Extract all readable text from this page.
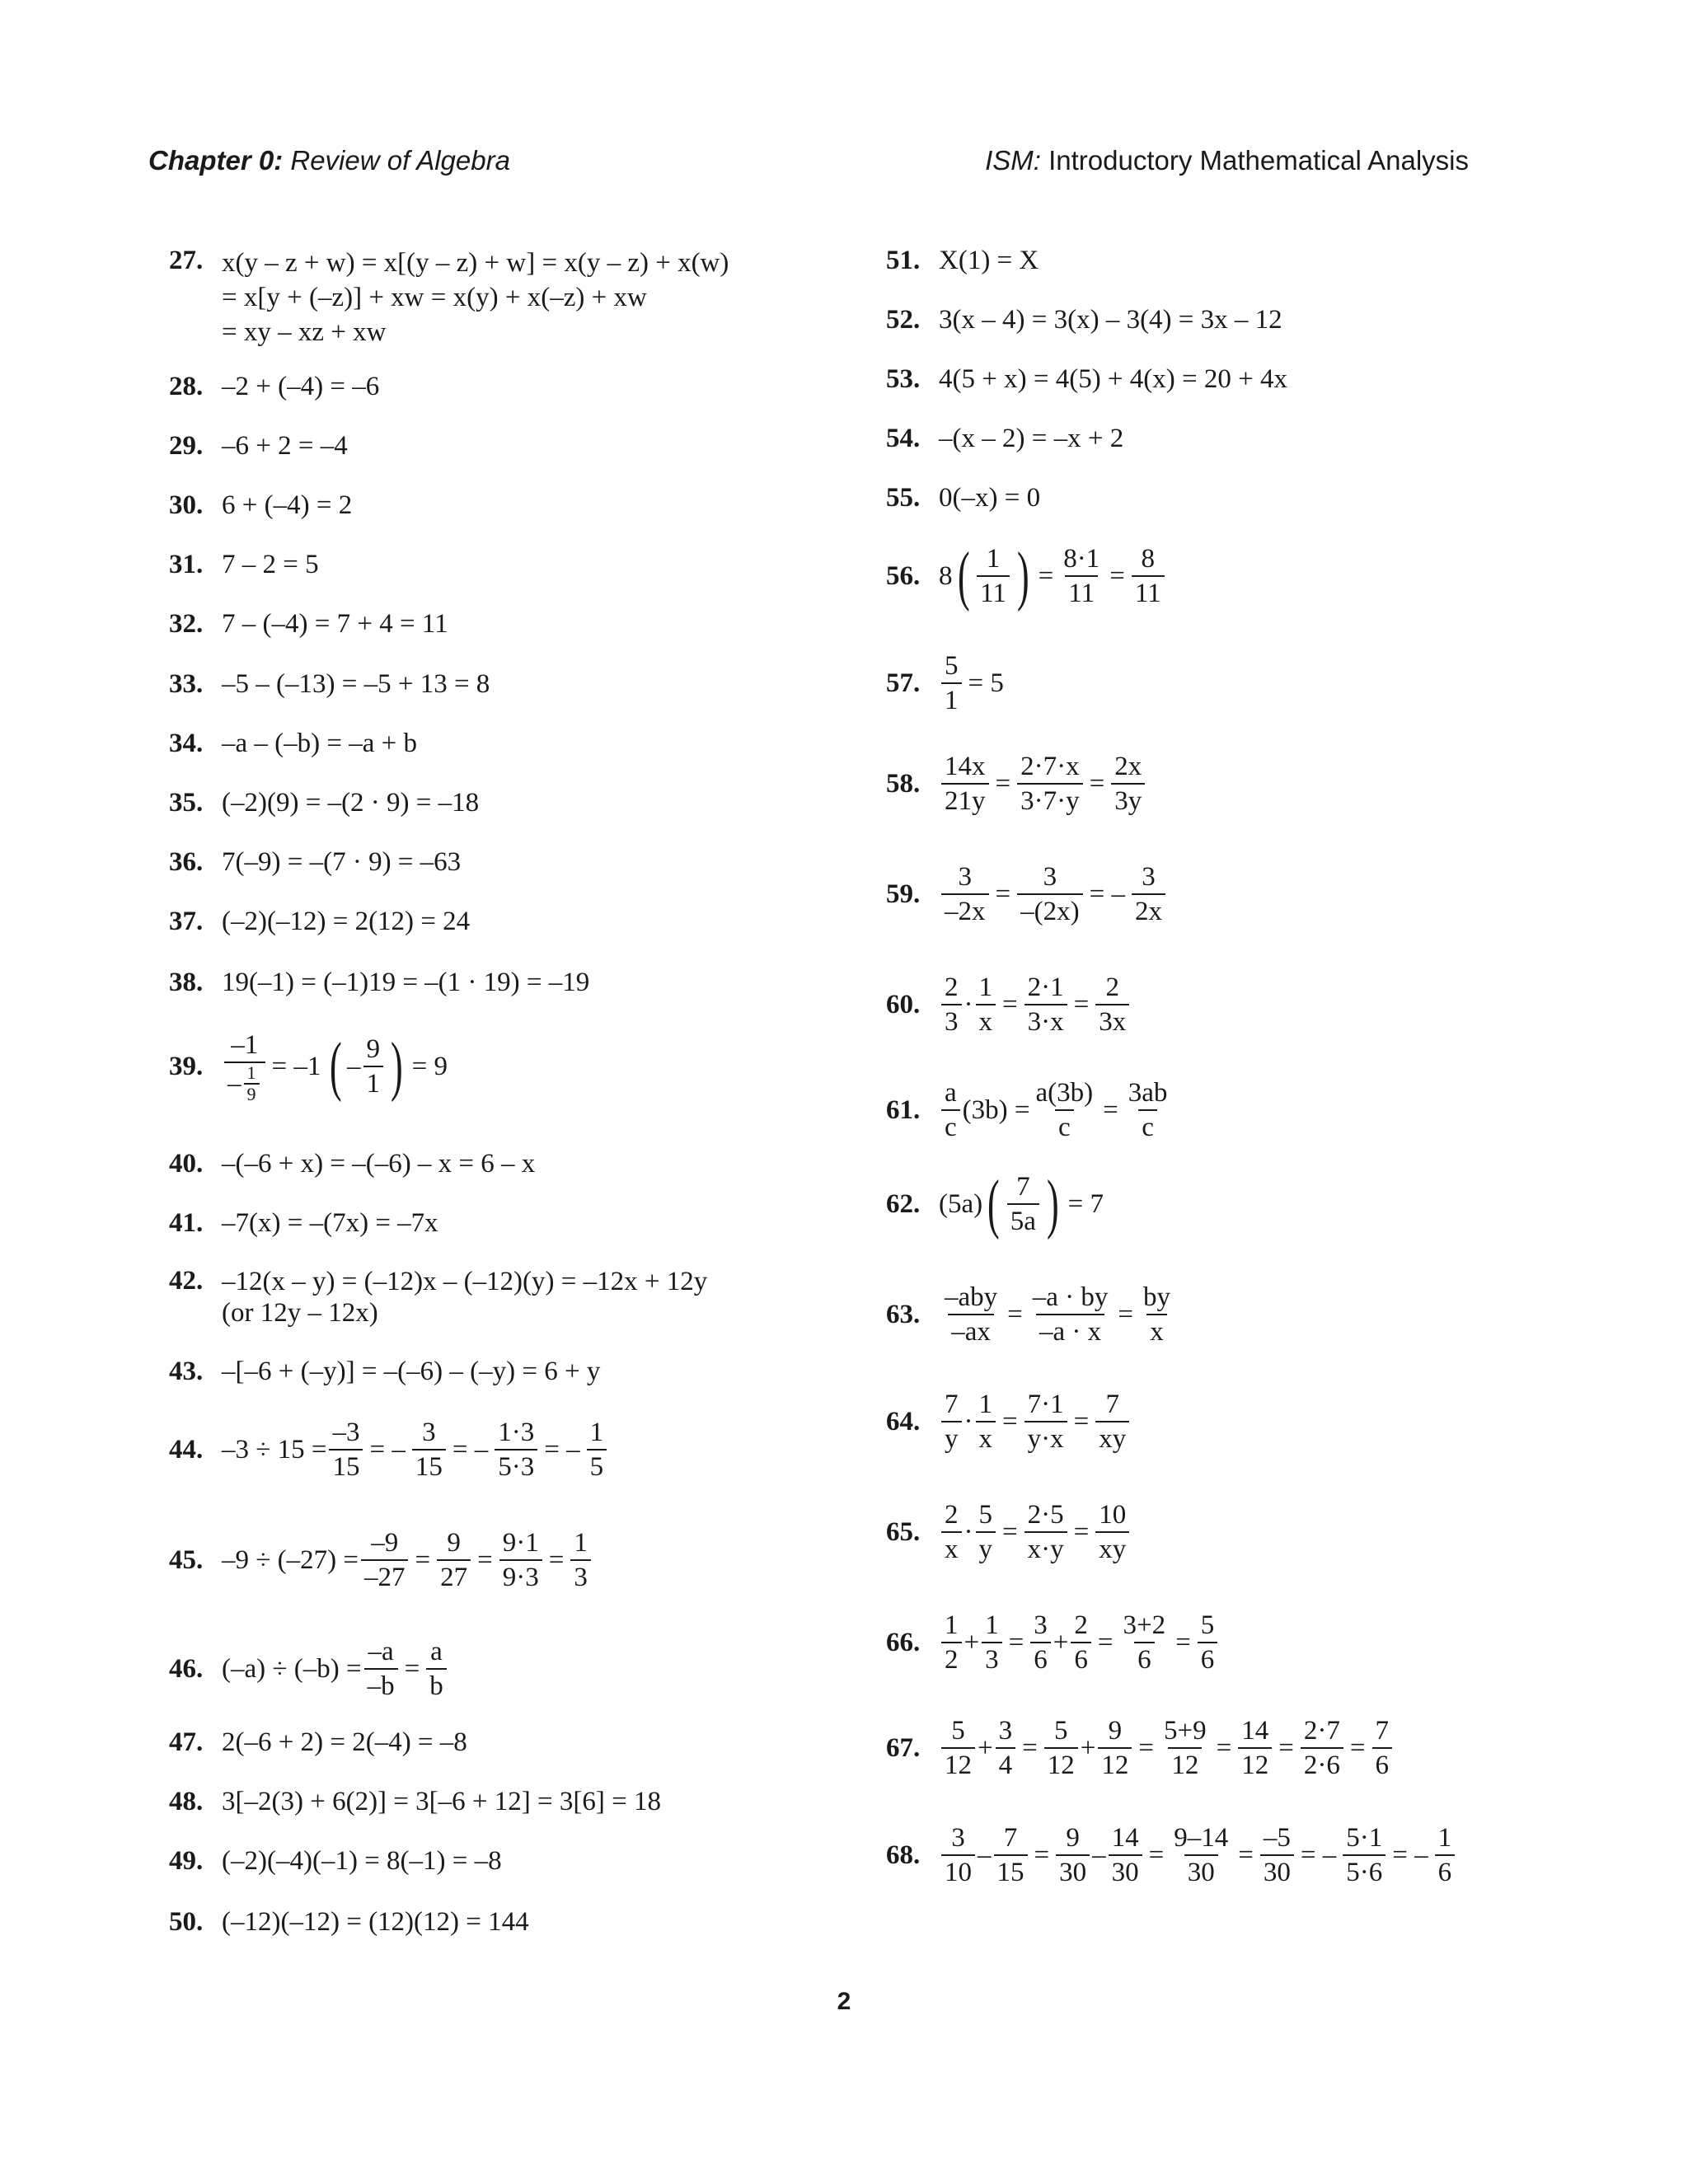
Chapter 0: Review of Algebra	ISM: Introductory Mathematical Analysis
27. x(y – z + w) = x[(y – z) + w] = x(y – z) + x(w)
= x[y + (–z)] + xw = x(y) + x(–z) + xw
= xy – xz + xw
28. –2 + (–4) = –6
29. –6 + 2 = –4
30. 6 + (–4) = 2
31. 7 – 2 = 5
32. 7 – (–4) = 7 + 4 = 11
33. –5 – (–13) = –5 + 13 = 8
34. –a – (–b) = –a + b
35. (–2)(9) = –(2 · 9) = –18
36. 7(–9) = –(7 · 9) = –63
37. (–2)(–12) = 2(12) = 24
38. 19(–1) = (–1)19 = –(1 · 19) = –19
39. $\frac{-1}{- \frac{1}{9}} = -1$ ( – $\frac{9}{1}$ ) = 9
40. –(–6 + x) = –(–6) – x = 6 – x
41. –7(x) = –(7x) = –7x
42. –12(x – y) = (–12)x – (–12)(y) = –12x + 12y
(or 12y – 12x)
43. –[–6 + (–y)] = –(–6) – (–y) = 6 + y
44. $-3 \div 15 = \frac{-3}{15}$ = – $\frac{3}{15}$ = – $\frac{1\cdot 3}{5\cdot 3}$ = – $\frac{1}{5}$
45. $-9 \div (-27) = \frac{-9}{-27} = \frac{9}{27} = \frac{9\cdot 1}{9\cdot 3} = \frac{1}{3}$
46. $(-a) \div (-b) = \frac{-a}{-b} = \frac{a}{b}$
47. 2(–6 + 2) = 2(–4) = –8
48. 3[–2(3) + 6(2)] = 3[–6 + 12] = 3[6] = 18
49. (–2)(–4)(–1) = 8(–1) = –8
50. (–12)(–12) = (12)(12) = 144
51. X(1) = X
52. 3(x – 4) = 3(x) – 3(4) = 3x – 12
53. 4(5 + x) = 4(5) + 4(x) = 20 + 4x
54. –(x – 2) = –x + 2
55. 0(–x) = 0
56. 8 ( $\frac{1}{11}$ ) = $\frac{8\cdot 1}{11} = \frac{8}{11}$
57. $\frac{5}{1} = 5$
58. $\frac{14x}{21y} = \frac{2\cdot 7\cdot x}{3\cdot 7\cdot y} = \frac{2x}{3y}$
59. $\frac{3}{-2x} = \frac{3}{-(2x)}$ = – $\frac{3}{2x}$
60. $\frac{2}{3} \cdot \frac{1}{x} = \frac{2\cdot 1}{3\cdot x} = \frac{2}{3x}$
61. $\frac{a}{c} (3b) = \frac{a(3b)}{c} = \frac{3ab}{c}$
62. (5a) ( $\frac{7}{5a}$ ) = 7
63. $\frac{\text{–aby}}{-ax} = \frac{-a \cdot by}{-a \cdot x} = \frac{by}{x}$
64. $\frac{7}{y} \cdot \frac{1}{x} = \frac{7\cdot 1}{y\cdot x} = \frac{7}{xy}$
65. $\frac{2}{x} \cdot \frac{5}{y} = \frac{2\cdot 5}{x\cdot y} = \frac{10}{xy}$
66. $\frac{1}{2} + \frac{1}{3} = \frac{3}{6} + \frac{2}{6} = \frac{3+2}{6} = \frac{5}{6}$
67. $\frac{5}{12} + \frac{3}{4} = \frac{5}{12} + \frac{9}{12} = \frac{5+9}{12} = \frac{14}{12} = \frac{2\cdot 7}{2\cdot 6} = \frac{7}{6}$
68. $\frac{3}{10} - \frac{7}{15} = \frac{9}{30} - \frac{14}{30} = \frac{9-14}{30} = \frac{-5}{30}$ = – $\frac{5\cdot 1}{5\cdot 6}$ = – $\frac{1}{6}$
2
